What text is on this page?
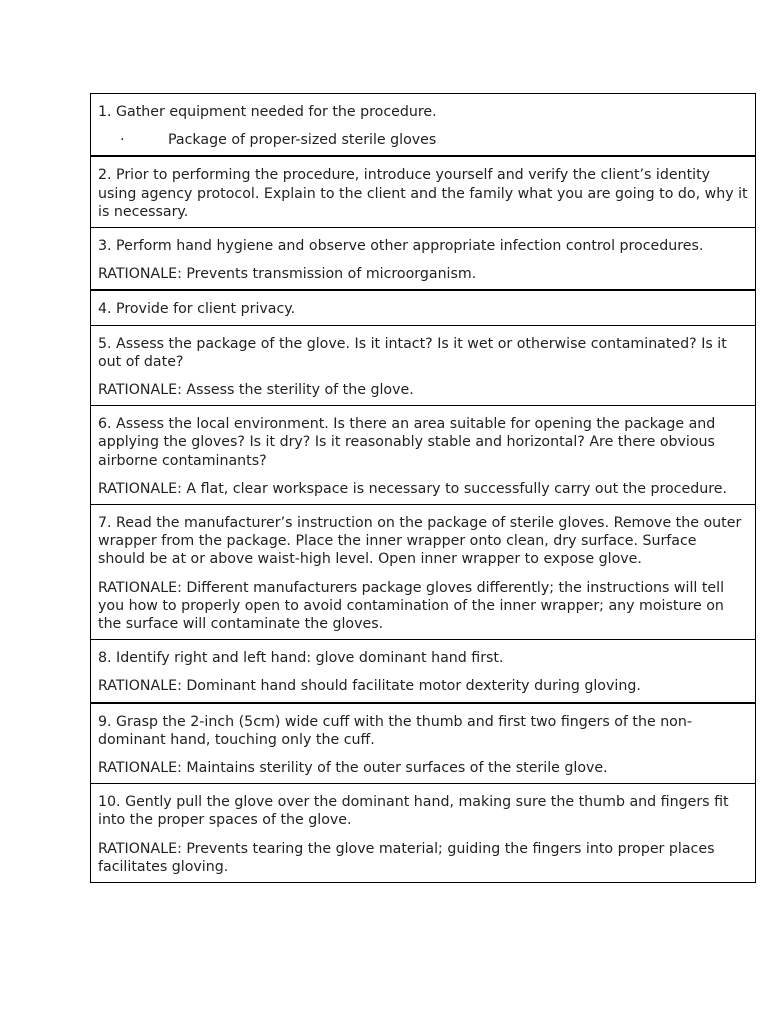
1. Gather equipment needed for the procedure.

·	Package of proper-sized sterile gloves

2. Prior to performing the procedure, introduce yourself and verify the client’s identity using agency protocol. Explain to the client and the family what you are going to do, why it is necessary.

3. Perform hand hygiene and observe other appropriate infection control procedures.

RATIONALE: Prevents transmission of microorganism.

4. Provide for client privacy.

5. Assess the package of the glove. Is it intact? Is it wet or otherwise contaminated? Is it out of date?

RATIONALE: Assess the sterility of the glove.

6. Assess the local environment. Is there an area suitable for opening the package and applying the gloves? Is it dry? Is it reasonably stable and horizontal? Are there obvious airborne contaminants?

RATIONALE: A flat, clear workspace is necessary to successfully carry out the procedure.

7. Read the manufacturer’s instruction on the package of sterile gloves. Remove the outer wrapper from the package. Place the inner wrapper onto clean, dry surface. Surface should be at or above waist-high level. Open inner wrapper to expose glove.

RATIONALE: Different manufacturers package gloves differently; the instructions will tell you how to properly open to avoid contamination of the inner wrapper; any moisture on the surface will contaminate the gloves.

8. Identify right and left hand: glove dominant hand first.

RATIONALE: Dominant hand should facilitate motor dexterity during gloving.

9. Grasp the 2-inch (5cm) wide cuff with the thumb and first two fingers of the non-dominant hand, touching only the cuff.

RATIONALE: Maintains sterility of the outer surfaces of the sterile glove.

10. Gently pull the glove over the dominant hand, making sure the thumb and fingers fit into the proper spaces of the glove.

RATIONALE: Prevents tearing the glove material; guiding the fingers into proper places facilitates gloving.
